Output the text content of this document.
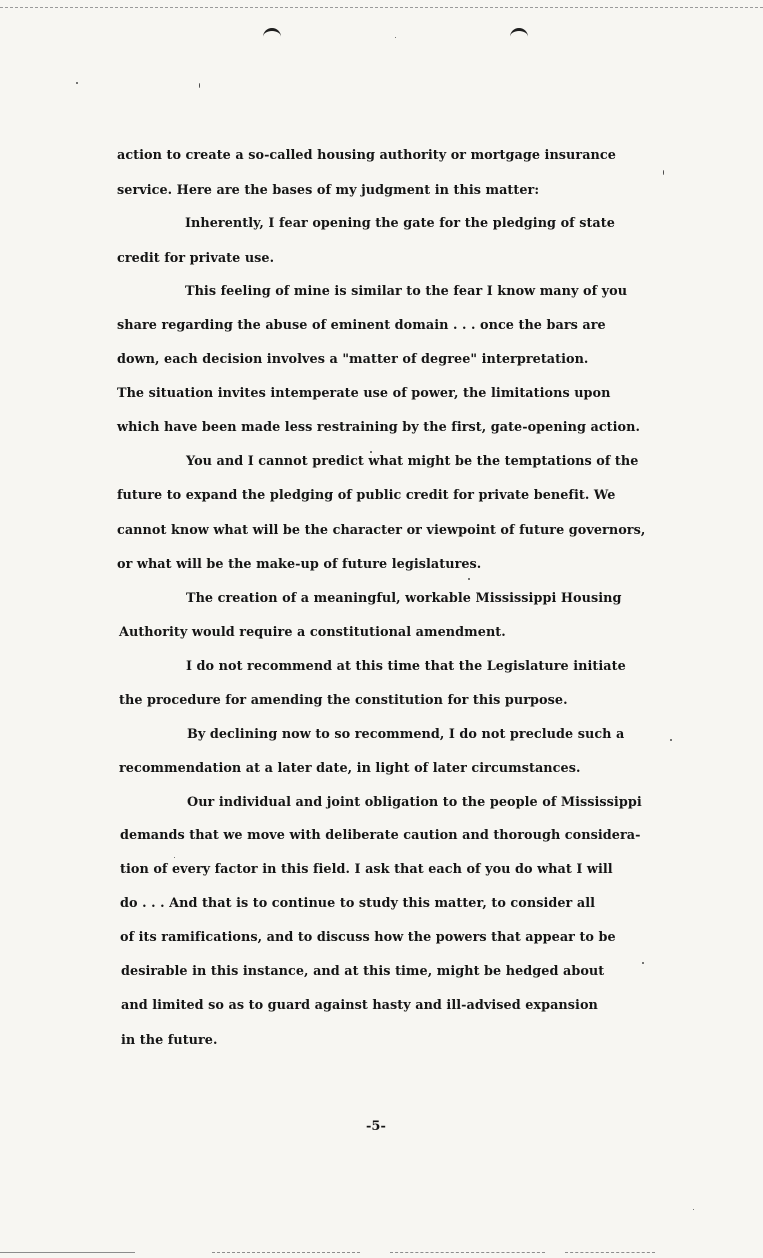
action to create a so-called housing authority or mortgage insurance

service. Here are the bases of my judgment in this matter:

Inherently, I fear opening the gate for the pledging of state

credit for private use.

This feeling of mine is similar to the fear I know many of you

share regarding the abuse of eminent domain . . . once the bars are

down, each decision involves a "matter of degree" interpretation.

The situation invites intemperate use of power, the limitations upon

which have been made less restraining by the first, gate-opening action.

You and I cannot predict what might be the temptations of the

future to expand the pledging of public credit for private benefit. We

cannot know what will be the character or viewpoint of future governors,

or what will be the make-up of future legislatures.

The creation of a meaningful, workable Mississippi Housing

Authority would require a constitutional amendment.

I do not recommend at this time that the Legislature initiate

the procedure for amending the constitution for this purpose.

By declining now to so recommend, I do not preclude such a

recommendation at a later date, in light of later circumstances.

Our individual and joint obligation to the people of Mississippi

demands that we move with deliberate caution and thorough considera-

tion of every factor in this field. I ask that each of you do what I will

do . . . And that is to continue to study this matter, to consider all

of its ramifications, and to discuss how the powers that appear to be

desirable in this instance, and at this time, might be hedged about

and limited so as to guard against hasty and ill-advised expansion

in the future.

-5-
